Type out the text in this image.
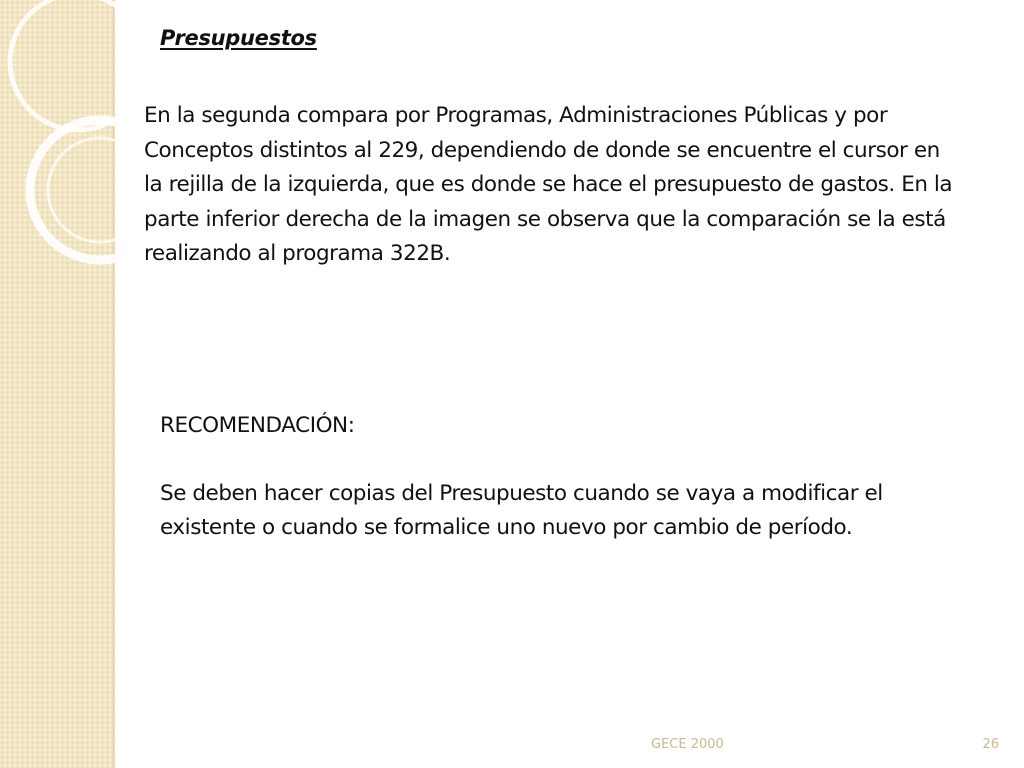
Presupuestos

En la segunda compara por Programas, Administraciones Públicas y por Conceptos distintos al 229, dependiendo de donde se encuentre el cursor en la rejilla de la izquierda, que es donde se hace el presupuesto de gastos. En la parte inferior derecha de la imagen se observa que la comparación se la está realizando al programa 322B.

RECOMENDACIÓN:

Se deben hacer copias del Presupuesto cuando se vaya a modificar el existente o cuando se formalice uno nuevo por cambio de período.

GECE 2000	26
